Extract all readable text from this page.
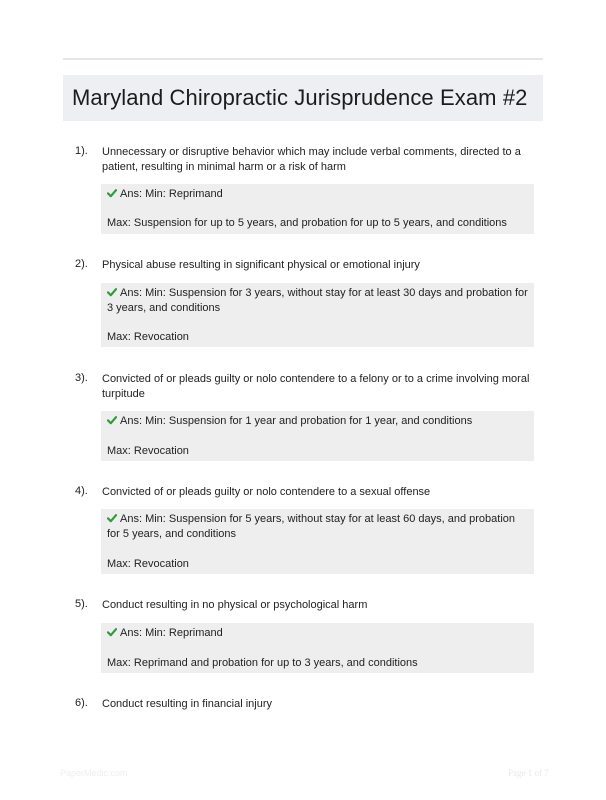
Maryland Chiropractic Jurisprudence Exam #2
1). Unnecessary or disruptive behavior which may include verbal comments, directed to a patient, resulting in minimal harm or a risk of harm
Ans: Min: Reprimand
Max: Suspension for up to 5 years, and probation for up to 5 years, and conditions
2). Physical abuse resulting in significant physical or emotional injury
Ans: Min: Suspension for 3 years, without stay for at least 30 days and probation for 3 years, and conditions
Max: Revocation
3). Convicted of or pleads guilty or nolo contendere to a felony or to a crime involving moral turpitude
Ans: Min: Suspension for 1 year and probation for 1 year, and conditions
Max: Revocation
4). Convicted of or pleads guilty or nolo contendere to a sexual offense
Ans: Min: Suspension for 5 years, without stay for at least 60 days, and probation for 5 years, and conditions
Max: Revocation
5). Conduct resulting in no physical or psychological harm
Ans: Min: Reprimand
Max: Reprimand and probation for up to 3 years, and conditions
6). Conduct resulting in financial injury
PaperMedic.com	Page 1 of 7
